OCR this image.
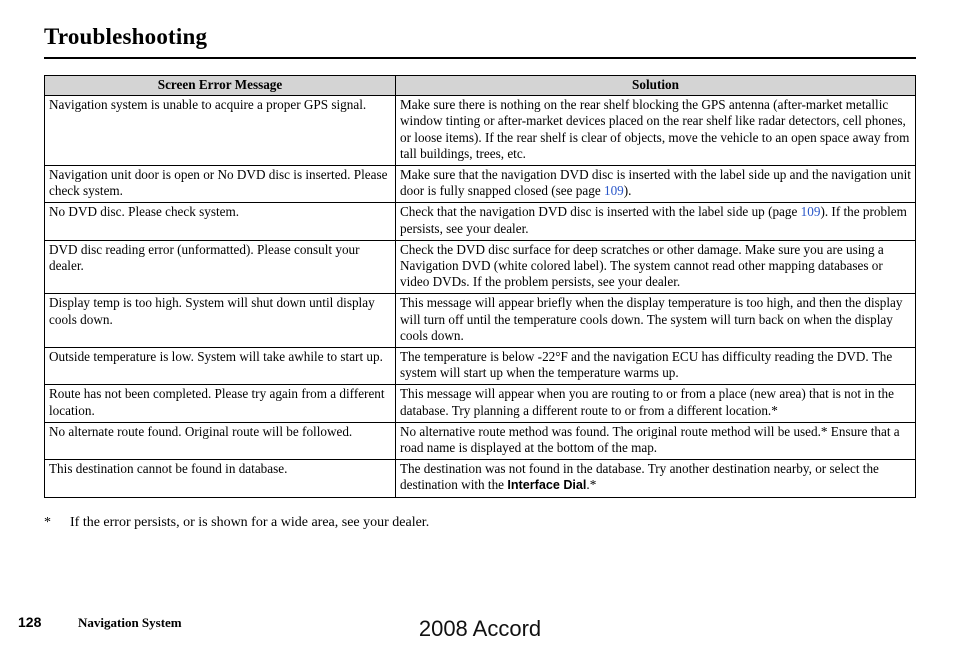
Troubleshooting
Screen Error Message	Solution
Navigation system is unable to acquire a proper GPS signal.	Make sure there is nothing on the rear shelf blocking the GPS antenna (after-market metallic window tinting or after-market devices placed on the rear shelf like radar detectors, cell phones, or loose items). If the rear shelf is clear of objects, move the vehicle to an open space away from tall buildings, trees, etc.
Navigation unit door is open or No DVD disc is inserted. Please check system.	Make sure that the navigation DVD disc is inserted with the label side up and the navigation unit door is fully snapped closed (see page 109).
No DVD disc. Please check system.	Check that the navigation DVD disc is inserted with the label side up (page 109). If the problem persists, see your dealer.
DVD disc reading error (unformatted). Please consult your dealer.	Check the DVD disc surface for deep scratches or other damage. Make sure you are using a Navigation DVD (white colored label). The system cannot read other mapping databases or video DVDs. If the problem persists, see your dealer.
Display temp is too high. System will shut down until display cools down.	This message will appear briefly when the display temperature is too high, and then the display will turn off until the temperature cools down. The system will turn back on when the display cools down.
Outside temperature is low. System will take awhile to start up.	The temperature is below -22°F and the navigation ECU has difficulty reading the DVD. The system will start up when the temperature warms up.
Route has not been completed. Please try again from a different location.	This message will appear when you are routing to or from a place (new area) that is not in the database. Try planning a different route to or from a different location.*
No alternate route found. Original route will be followed.	No alternative route method was found. The original route method will be used.* Ensure that a road name is displayed at the bottom of the map.
This destination cannot be found in database.	The destination was not found in the database. Try another destination nearby, or select the destination with the Interface Dial.*
* If the error persists, or is shown for a wide area, see your dealer.
128	Navigation System	2008 Accord
